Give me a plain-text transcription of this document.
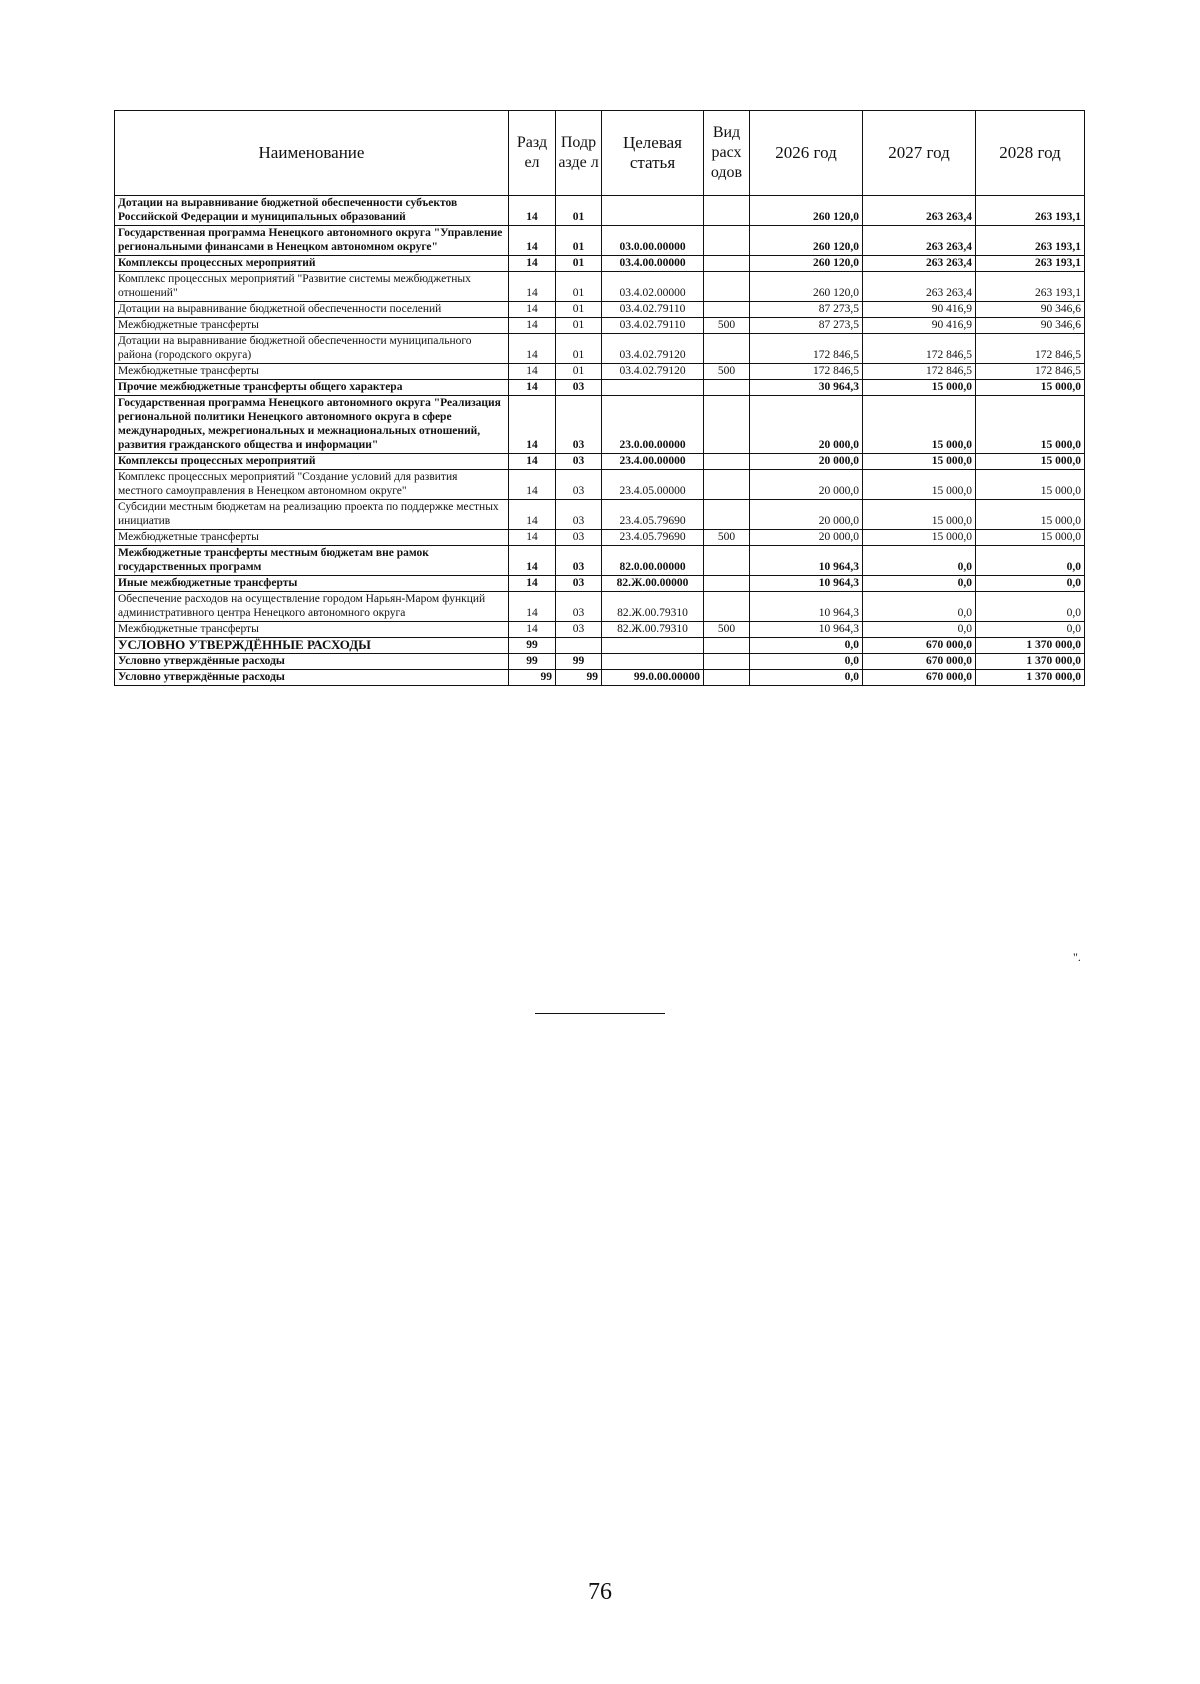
Наименование	Разд ел	Подр азде л	Целевая статья	Вид расх одов	2026 год	2027 год	2028 год
Дотации на выравнивание бюджетной обеспеченности субъектов Российской Федерации и муниципальных образований	14	01			260 120,0	263 263,4	263 193,1
Государственная программа Ненецкого автономного округа "Управление региональными финансами в Ненецком автономном округе"	14	01	03.0.00.00000		260 120,0	263 263,4	263 193,1
Комплексы процессных мероприятий	14	01	03.4.00.00000		260 120,0	263 263,4	263 193,1
Комплекс процессных мероприятий "Развитие системы межбюджетных отношений"	14	01	03.4.02.00000		260 120,0	263 263,4	263 193,1
Дотации на выравнивание бюджетной обеспеченности поселений	14	01	03.4.02.79110		87 273,5	90 416,9	90 346,6
Межбюджетные трансферты	14	01	03.4.02.79110	500	87 273,5	90 416,9	90 346,6
Дотации на выравнивание бюджетной обеспеченности муниципального района (городского округа)	14	01	03.4.02.79120		172 846,5	172 846,5	172 846,5
Межбюджетные трансферты	14	01	03.4.02.79120	500	172 846,5	172 846,5	172 846,5
Прочие межбюджетные трансферты общего характера	14	03			30 964,3	15 000,0	15 000,0
Государственная программа Ненецкого автономного округа "Реализация региональной политики Ненецкого автономного округа в сфере международных, межрегиональных и межнациональных отношений, развития гражданского общества и информации"	14	03	23.0.00.00000		20 000,0	15 000,0	15 000,0
Комплексы процессных мероприятий	14	03	23.4.00.00000		20 000,0	15 000,0	15 000,0
Комплекс процессных мероприятий "Создание условий для развития местного самоуправления в Ненецком автономном округе"	14	03	23.4.05.00000		20 000,0	15 000,0	15 000,0
Субсидии местным бюджетам на реализацию проекта по поддержке местных инициатив	14	03	23.4.05.79690		20 000,0	15 000,0	15 000,0
Межбюджетные трансферты	14	03	23.4.05.79690	500	20 000,0	15 000,0	15 000,0
Межбюджетные трансферты местным бюджетам вне рамок государственных программ	14	03	82.0.00.00000		10 964,3	0,0	0,0
Иные межбюджетные трансферты	14	03	82.Ж.00.00000		10 964,3	0,0	0,0
Обеспечение расходов на осуществление городом Нарьян-Маром функций административного центра Ненецкого автономного округа	14	03	82.Ж.00.79310		10 964,3	0,0	0,0
Межбюджетные трансферты	14	03	82.Ж.00.79310	500	10 964,3	0,0	0,0
УСЛОВНО УТВЕРЖДЁННЫЕ РАСХОДЫ	99				0,0	670 000,0	1 370 000,0
Условно утверждённые расходы	99	99			0,0	670 000,0	1 370 000,0
Условно утверждённые расходы	99	99	99.0.00.00000		0,0	670 000,0	1 370 000,0
".
76
